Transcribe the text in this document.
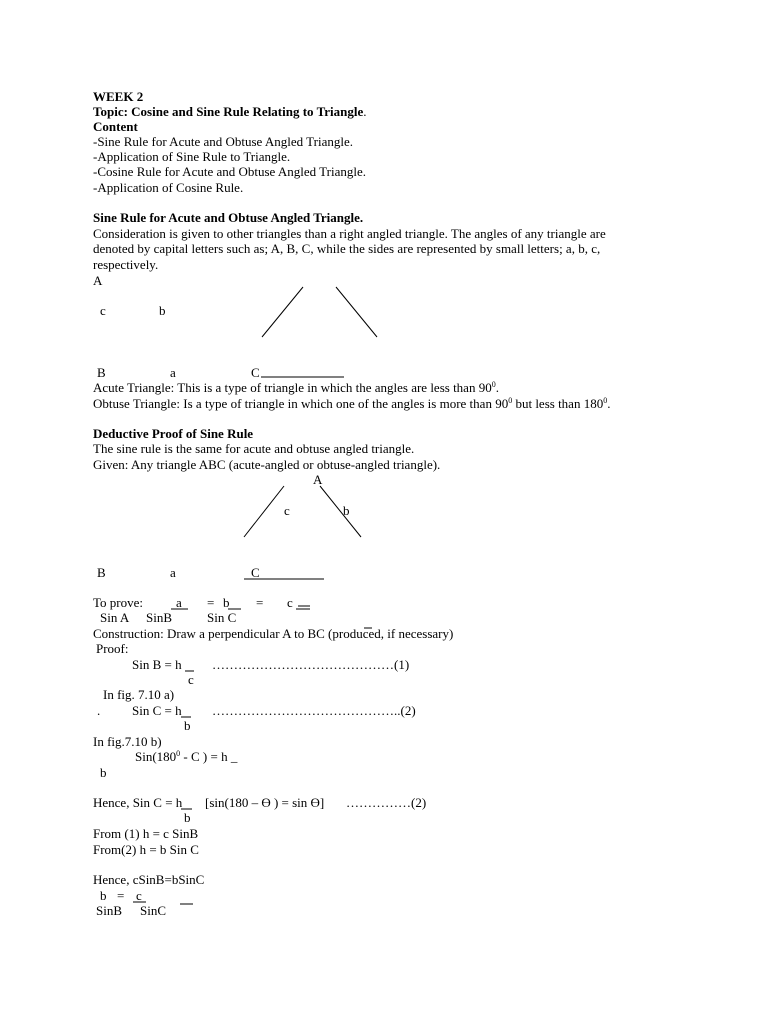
WEEK 2
Topic: Cosine and Sine Rule Relating to Triangle.
Content
-Sine Rule for Acute and Obtuse Angled Triangle.
-Application of Sine Rule to Triangle.
-Cosine Rule for Acute and Obtuse Angled Triangle.
-Application of Cosine Rule.
Sine Rule for Acute and Obtuse Angled Triangle.
Consideration is given to other triangles than a right angled triangle. The angles of any triangle are
denoted by capital letters such as; A, B, C, while the sides are represented by small letters; a, b, c,
respectively.
A
c	b
B	a	C
Acute Triangle: This is a type of triangle in which the angles are less than $90^0$.
Obtuse Triangle: Is a type of triangle in which one of the angles is more than $90^0$ but less than $180^0$.
Deductive Proof of Sine Rule
The sine rule is the same for acute and obtuse angled triangle.
Given: Any triangle ABC (acute-angled or obtuse-angled triangle).
A
c	b
B	a	C
To prove:	a = b = c
Sin A SinB	Sin C
Construction: Draw a perpendicular A to BC (produced, if necessary)
Proof:
Sin B = h ……………………………………(1)
c
In fig. 7.10 a)
. Sin C = h ……………………………………..(2)
b
In fig.7.10 b)
$Sin(180^0$ - C ) = h _
b
Hence, Sin C = h [sin(180 – Ө ) = sin Ө] ……………(2)
b
From (1) h = c SinB
From(2) h = b Sin C
Hence, cSinB=bSinC
b = c
SinB SinC
